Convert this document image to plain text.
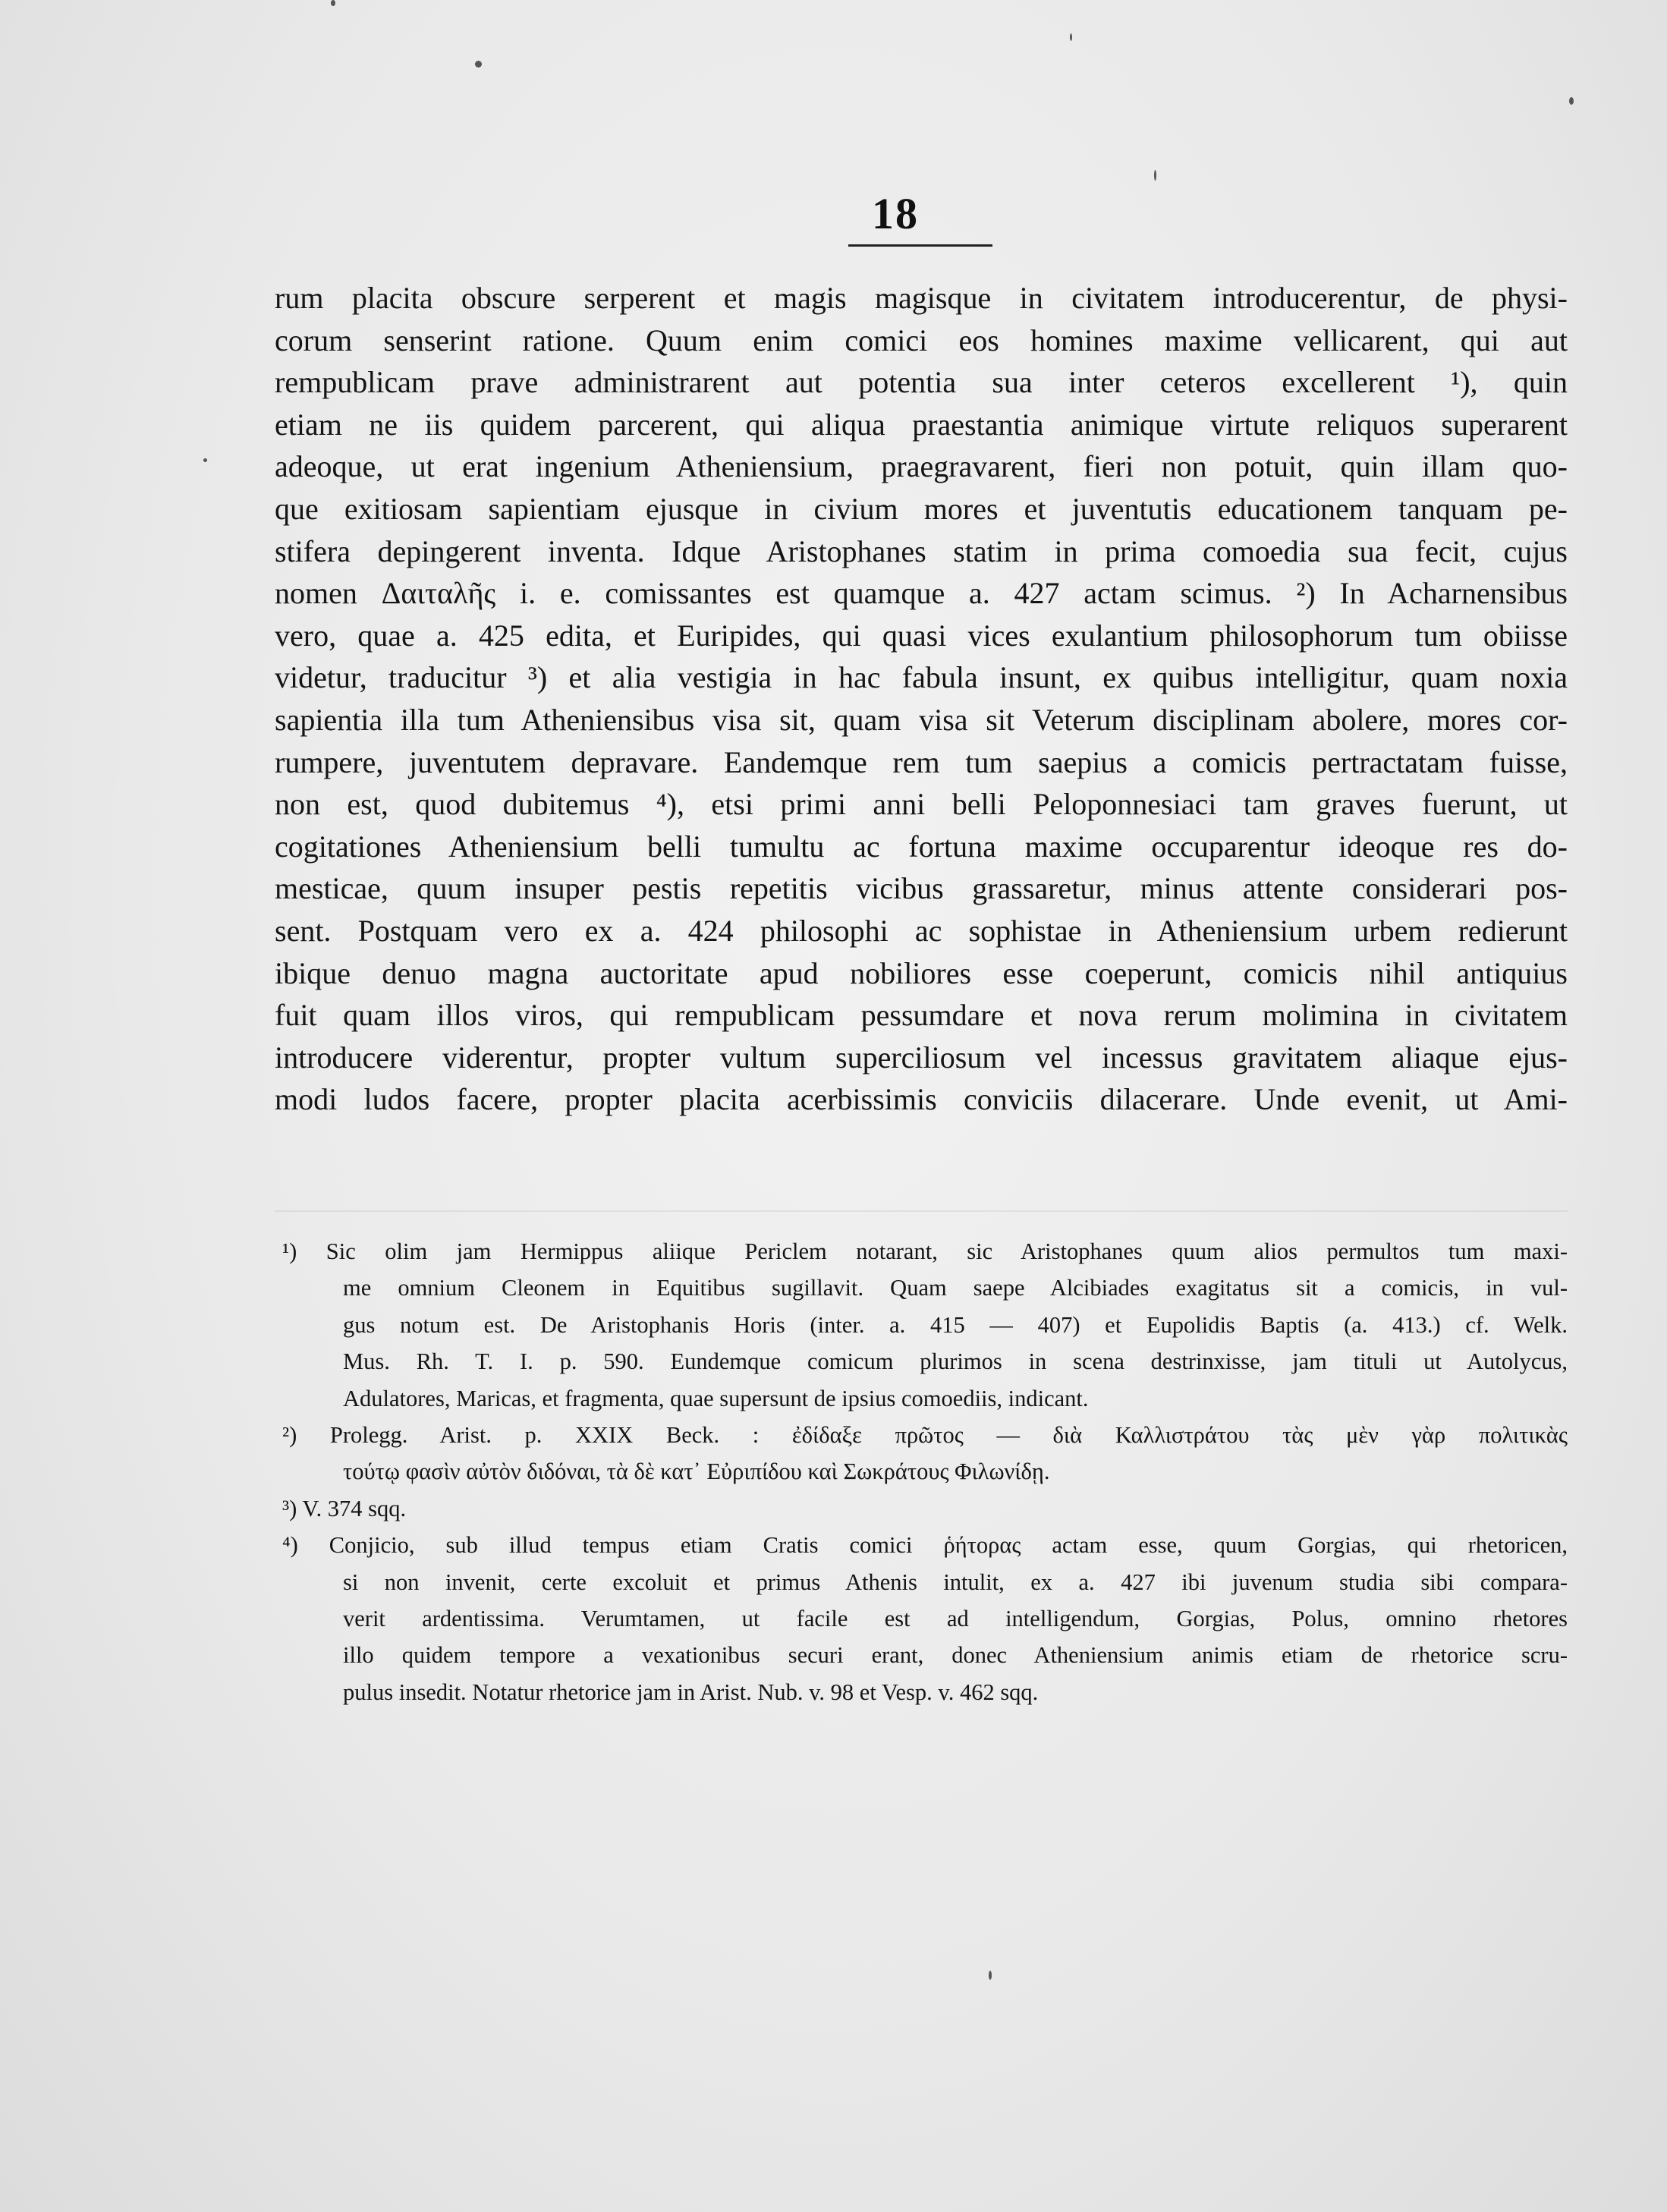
18
rum placita obscure serperent et magis magisque in civitatem introducerentur, de physi-
corum senserint ratione. Quum enim comici eos homines maxime vellicarent, qui aut
rempublicam prave administrarent aut potentia sua inter ceteros excellerent ¹), quin
etiam ne iis quidem parcerent, qui aliqua praestantia animique virtute reliquos superarent
adeoque, ut erat ingenium Atheniensium, praegravarent, fieri non potuit, quin illam quo-
que exitiosam sapientiam ejusque in civium mores et juventutis educationem tanquam pe-
stifera depingerent inventa. Idque Aristophanes statim in prima comoedia sua fecit, cujus
nomen Δαιταλῆς i. e. comissantes est quamque a. 427 actam scimus. ²) In Acharnensibus
vero, quae a. 425 edita, et Euripides, qui quasi vices exulantium philosophorum tum obiisse
videtur, traducitur ³) et alia vestigia in hac fabula insunt, ex quibus intelligitur, quam noxia
sapientia illa tum Atheniensibus visa sit, quam visa sit Veterum disciplinam abolere, mores cor-
rumpere, juventutem depravare. Eandemque rem tum saepius a comicis pertractatam fuisse,
non est, quod dubitemus ⁴), etsi primi anni belli Peloponnesiaci tam graves fuerunt, ut
cogitationes Atheniensium belli tumultu ac fortuna maxime occuparentur ideoque res do-
mesticae, quum insuper pestis repetitis vicibus grassaretur, minus attente considerari pos-
sent. Postquam vero ex a. 424 philosophi ac sophistae in Atheniensium urbem redierunt
ibique denuo magna auctoritate apud nobiliores esse coeperunt, comicis nihil antiquius
fuit quam illos viros, qui rempublicam pessumdare et nova rerum molimina in civitatem
introducere viderentur, propter vultum superciliosum vel incessus gravitatem aliaque ejus-
modi ludos facere, propter placita acerbissimis conviciis dilacerare. Unde evenit, ut Ami-
¹) Sic olim jam Hermippus aliique Periclem notarant, sic Aristophanes quum alios permultos tum maxi-
me omnium Cleonem in Equitibus sugillavit. Quam saepe Alcibiades exagitatus sit a comicis, in vul-
gus notum est. De Aristophanis Horis (inter. a. 415 — 407) et Eupolidis Baptis (a. 413.) cf. Welk.
Mus. Rh. T. I. p. 590. Eundemque comicum plurimos in scena destrinxisse, jam tituli ut Autolycus,
Adulatores, Maricas, et fragmenta, quae supersunt de ipsius comoediis, indicant.
²) Prolegg. Arist. p. XXIX Beck. : ἐδίδαξε πρῶτος — διὰ Καλλιστράτου τὰς μὲν γὰρ πολιτικὰς
τούτῳ φασὶν αὐτὸν διδόναι, τὰ δὲ κατ᾽ Εὐριπίδου καὶ Σωκράτους Φιλωνίδῃ.
³) V. 374 sqq.
⁴) Conjicio, sub illud tempus etiam Cratis comici ῥήτορας actam esse, quum Gorgias, qui rhetoricen,
si non invenit, certe excoluit et primus Athenis intulit, ex a. 427 ibi juvenum studia sibi compara-
verit ardentissima. Verumtamen, ut facile est ad intelligendum, Gorgias, Polus, omnino rhetores
illo quidem tempore a vexationibus securi erant, donec Atheniensium animis etiam de rhetorice scru-
pulus insedit. Notatur rhetorice jam in Arist. Nub. v. 98 et Vesp. v. 462 sqq.
